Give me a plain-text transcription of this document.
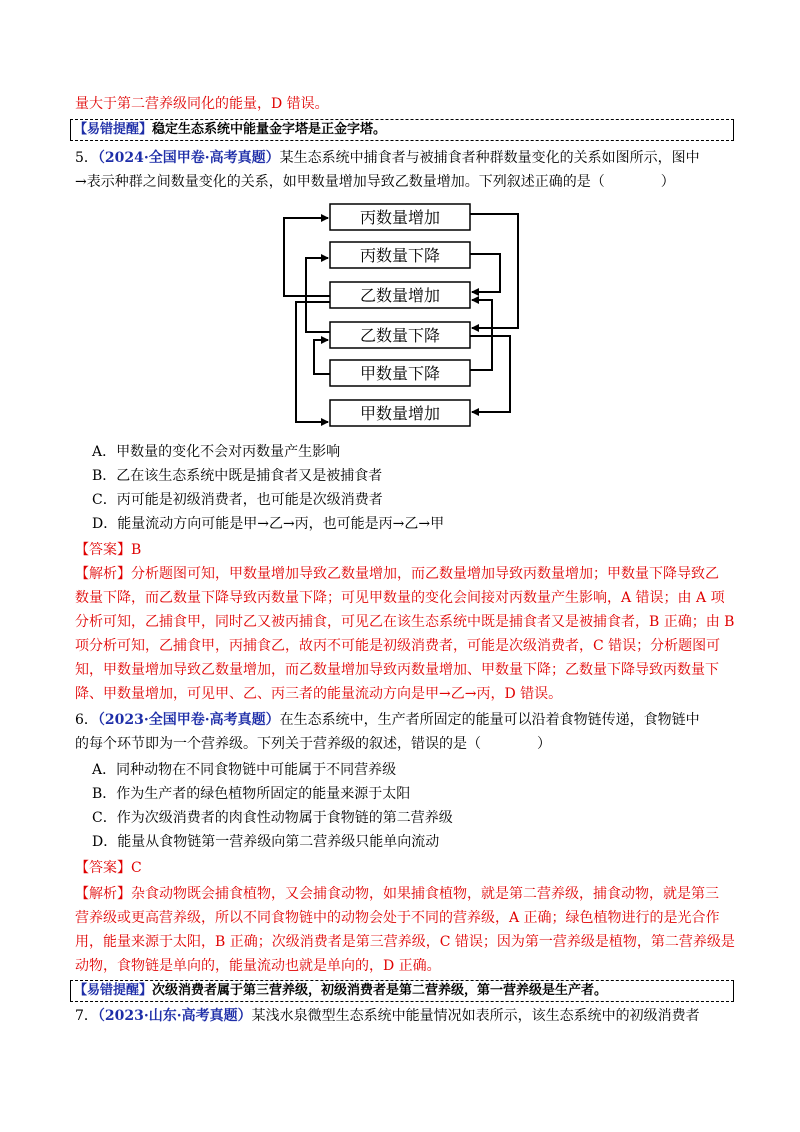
量大于第二营养级同化的能量，D 错误。
【易错提醒】稳定生态系统中能量金字塔是正金字塔。
5．（2024·全国甲卷·高考真题）某生态系统中捕食者与被捕食者种群数量变化的关系如图所示，图中
→表示种群之间数量变化的关系，如甲数量增加导致乙数量增加。下列叙述正确的是（　　　　）
丙数量增加
丙数量下降
乙数量增加
乙数量下降
甲数量下降
甲数量增加
A．甲数量的变化不会对丙数量产生影响
B．乙在该生态系统中既是捕食者又是被捕食者
C．丙可能是初级消费者，也可能是次级消费者
D．能量流动方向可能是甲→乙→丙，也可能是丙→乙→甲
【答案】B
【解析】分析题图可知，甲数量增加导致乙数量增加，而乙数量增加导致丙数量增加；甲数量下降导致乙
数量下降，而乙数量下降导致丙数量下降；可见甲数量的变化会间接对丙数量产生影响，A 错误；由 A 项
分析可知，乙捕食甲，同时乙又被丙捕食，可见乙在该生态系统中既是捕食者又是被捕食者，B 正确；由 B
项分析可知，乙捕食甲，丙捕食乙，故丙不可能是初级消费者，可能是次级消费者，C 错误；分析题图可
知，甲数量增加导致乙数量增加，而乙数量增加导致丙数量增加、甲数量下降；乙数量下降导致丙数量下
降、甲数量增加，可见甲、乙、丙三者的能量流动方向是甲→乙→丙，D 错误。
6．（2023·全国甲卷·高考真题）在生态系统中，生产者所固定的能量可以沿着食物链传递，食物链中
的每个环节即为一个营养级。下列关于营养级的叙述，错误的是（　　　　）
A．同种动物在不同食物链中可能属于不同营养级
B．作为生产者的绿色植物所固定的能量来源于太阳
C．作为次级消费者的肉食性动物属于食物链的第二营养级
D．能量从食物链第一营养级向第二营养级只能单向流动
【答案】C
【解析】杂食动物既会捕食植物，又会捕食动物，如果捕食植物，就是第二营养级，捕食动物，就是第三
营养级或更高营养级，所以不同食物链中的动物会处于不同的营养级，A 正确；绿色植物进行的是光合作
用，能量来源于太阳，B 正确；次级消费者是第三营养级，C 错误；因为第一营养级是植物，第二营养级是
动物，食物链是单向的，能量流动也就是单向的，D 正确。
【易错提醒】次级消费者属于第三营养级，初级消费者是第二营养级，第一营养级是生产者。
7．（2023·山东·高考真题）某浅水泉微型生态系统中能量情况如表所示，该生态系统中的初级消费者
